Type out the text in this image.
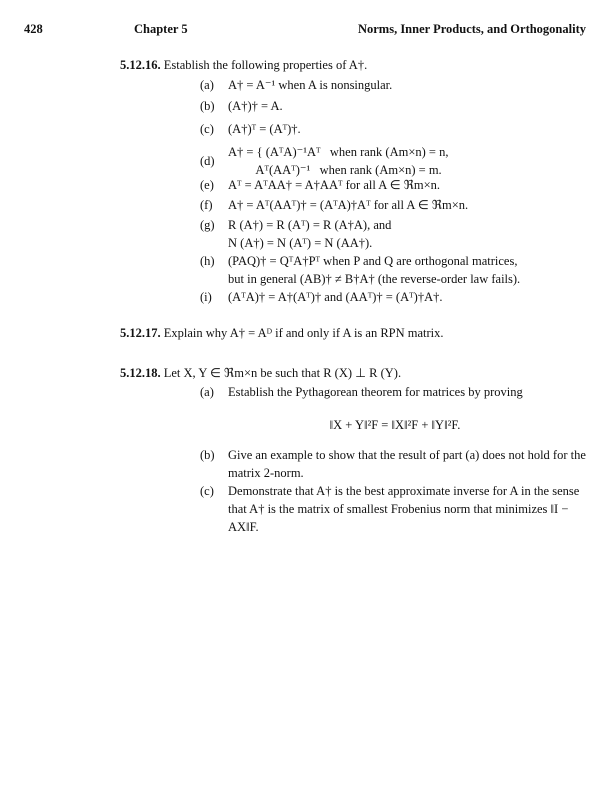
428	Chapter 5	Norms, Inner Products, and Orthogonality
5.12.16. Establish the following properties of A†.
(a) A† = A⁻¹ when A is nonsingular.
(b) (A†)† = A.
(c) (A†)ᵀ = (Aᵀ)†.
(d)
A† = { (AᵀA)⁻¹Aᵀ   when rank (Am×n) = n,
Aᵀ(AAᵀ)⁻¹   when rank (Am×n) = m.
(e) Aᵀ = AᵀAA† = A†AAᵀ for all A ∈ ℜm×n.
(f) A† = Aᵀ(AAᵀ)† = (AᵀA)†Aᵀ for all A ∈ ℜm×n.
(g) R (A†) = R (Aᵀ) = R (A†A), and
N (A†) = N (Aᵀ) = N (AA†).
(h) (PAQ)† = QᵀA†Pᵀ when P and Q are orthogonal matrices,
but in general (AB)† ≠ B†A† (the reverse-order law fails).
(i) (AᵀA)† = A†(Aᵀ)† and (AAᵀ)† = (Aᵀ)†A†.
5.12.17. Explain why A† = Aᴰ if and only if A is an RPN matrix.
5.12.18. Let X, Y ∈ ℜm×n be such that R (X) ⊥ R (Y).
(a) Establish the Pythagorean theorem for matrices by proving
‖X + Y‖²F = ‖X‖²F + ‖Y‖²F.
(b) Give an example to show that the result of part (a) does not hold for the matrix 2-norm.
(c) Demonstrate that A† is the best approximate inverse for A in the sense that A† is the matrix of smallest Frobenius norm that minimizes ‖I − AX‖F.
